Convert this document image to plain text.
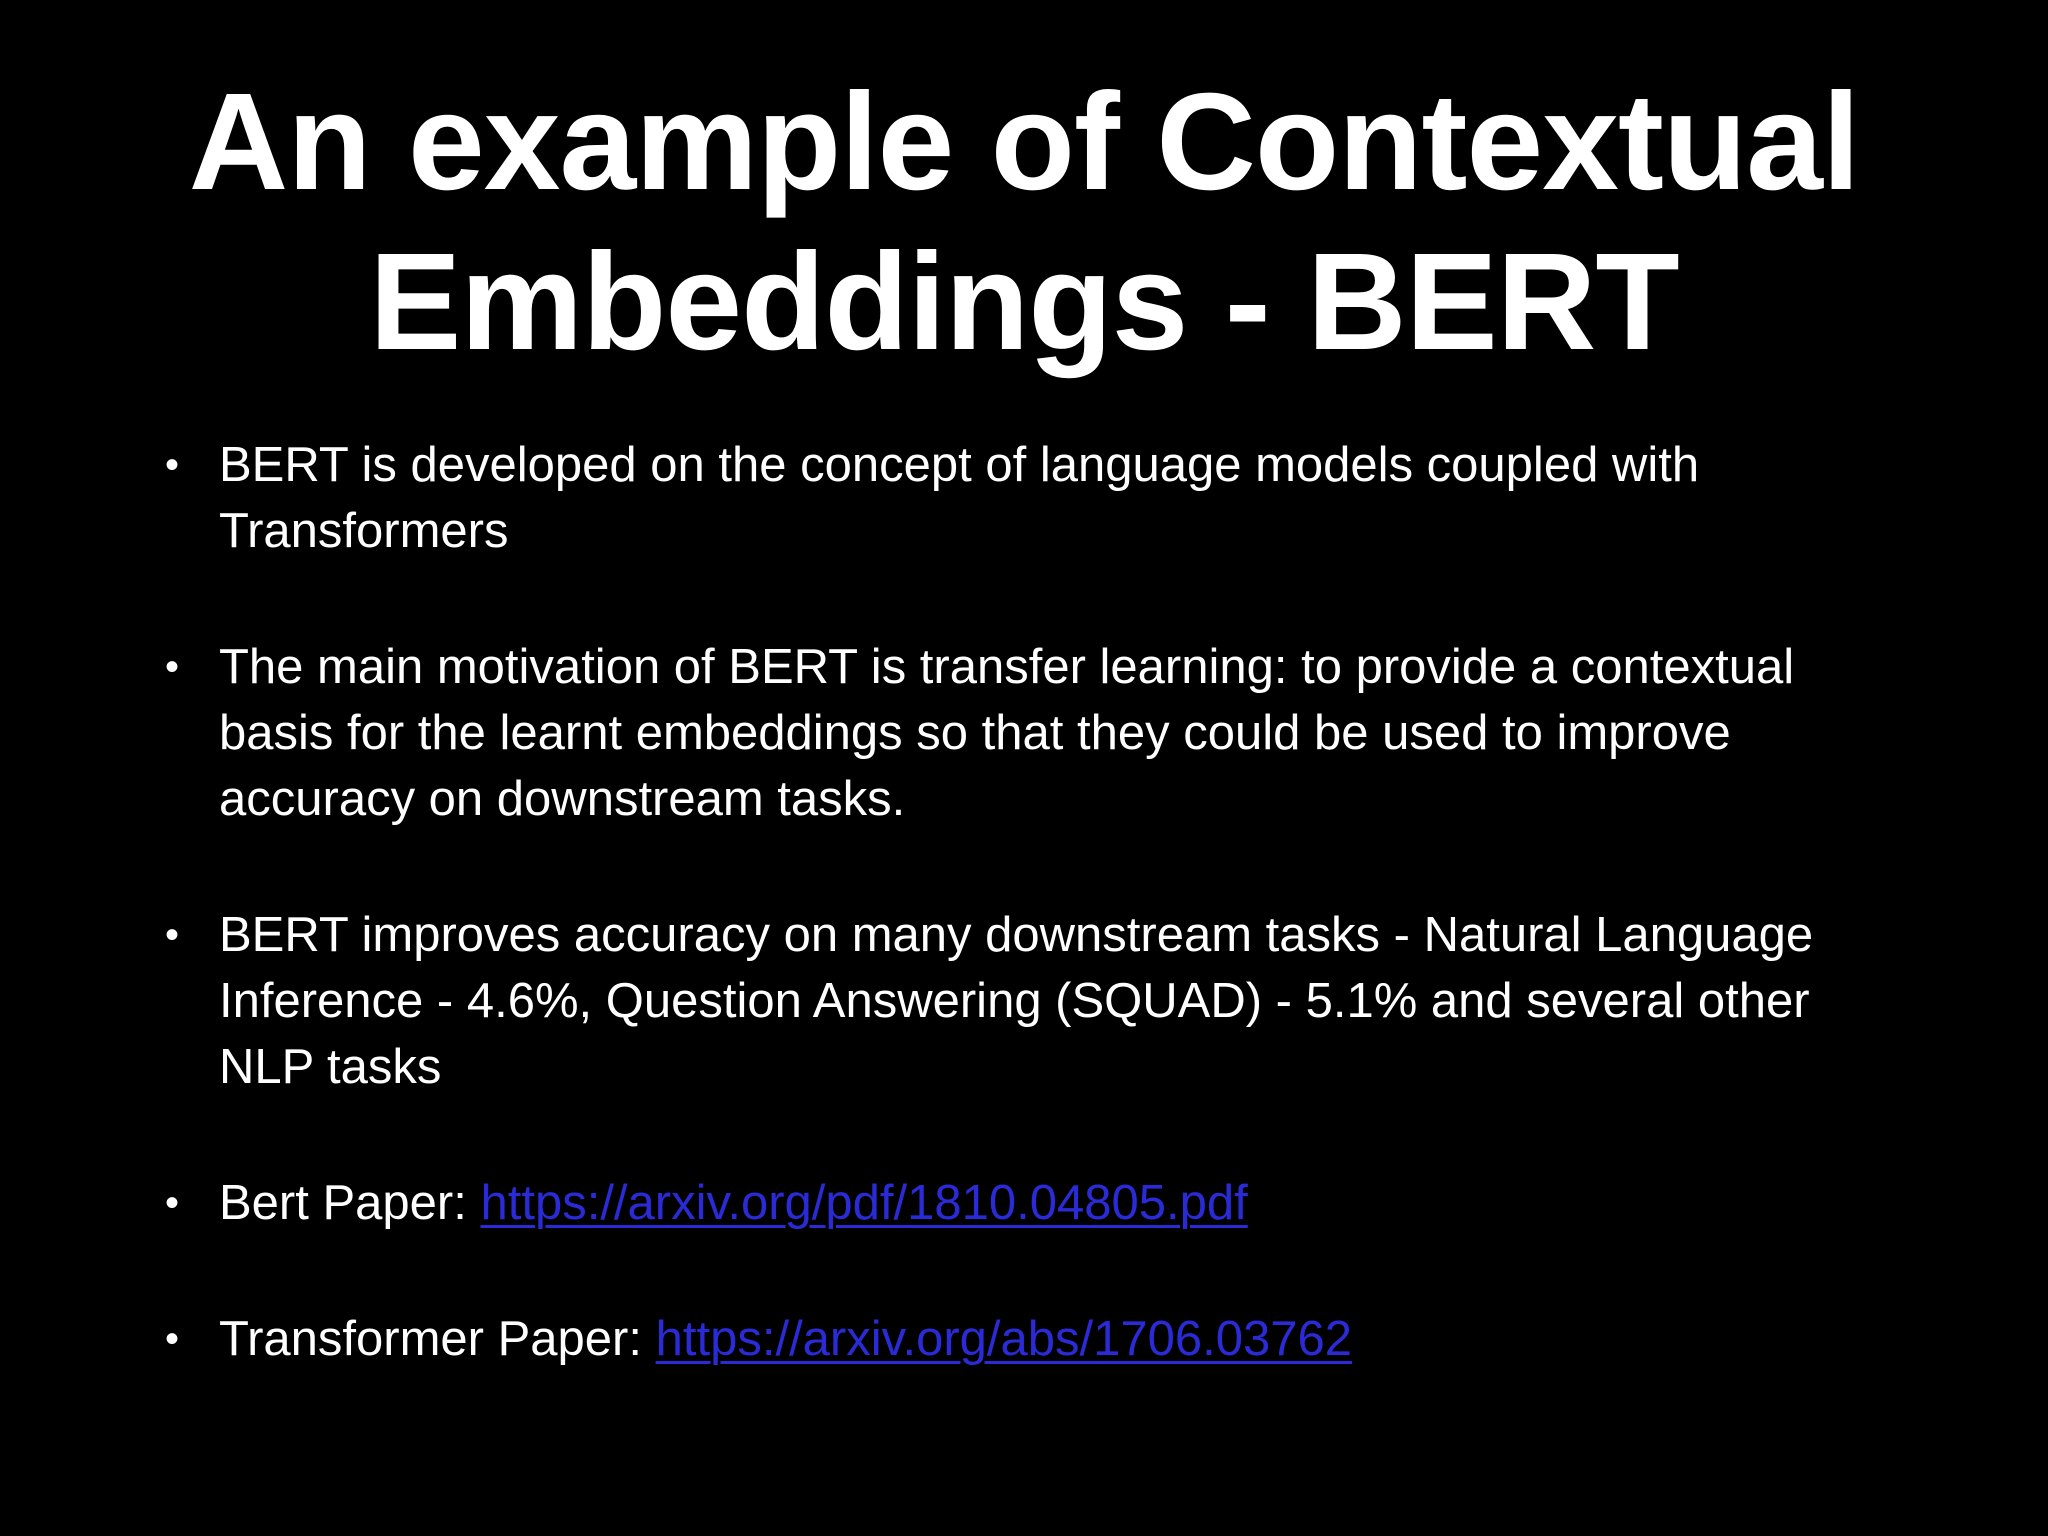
An example of Contextual
Embeddings - BERT
• BERT is developed on the concept of language models coupled with Transformers
• The main motivation of BERT is transfer learning: to provide a contextual basis for the learnt embeddings so that they could be used to improve accuracy on downstream tasks.
• BERT improves accuracy on many downstream tasks - Natural Language Inference - 4.6%, Question Answering (SQUAD) - 5.1% and several other NLP tasks
• Bert Paper: https://arxiv.org/pdf/1810.04805.pdf
• Transformer Paper: https://arxiv.org/abs/1706.03762
